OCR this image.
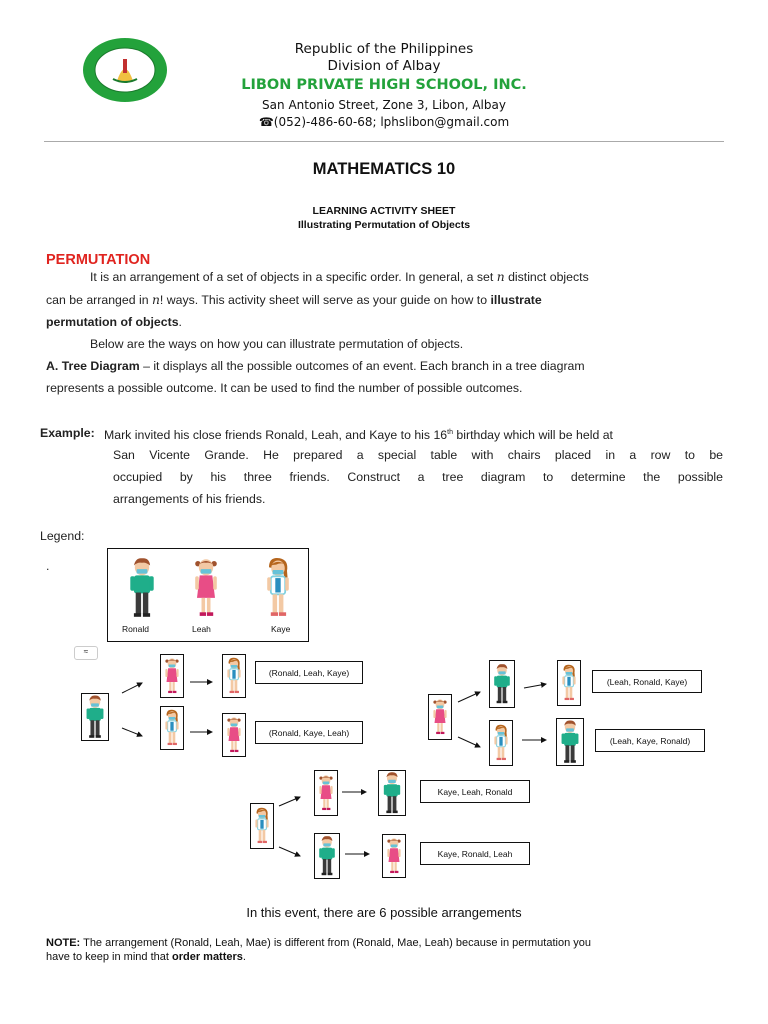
Republic of the Philippines
Division of Albay
LIBON PRIVATE HIGH SCHOOL, INC.
San Antonio Street, Zone 3, Libon, Albay
☎(052)-486-60-68; lphslibon@gmail.com
MATHEMATICS 10
LEARNING ACTIVITY SHEET
Illustrating Permutation of Objects
PERMUTATION
It is an arrangement of a set of objects in a specific order. In general, a set n distinct objects
can be arranged in n! ways. This activity sheet will serve as your guide on how to illustrate
permutation of objects.
Below are the ways on how you can illustrate permutation of objects.
A. Tree Diagram – it displays all the possible outcomes of an event. Each branch in a tree diagram
represents a possible outcome. It can be used to find the number of possible outcomes.
Example: Mark invited his close friends Ronald, Leah, and Kaye to his 16th birthday which will be held at
San Vicente Grande. He prepared a special table with chairs placed in a row to be
occupied by his three friends. Construct a tree diagram to determine the possible
arrangements of his friends.
Legend:
.
Ronald	Leah	Kaye
≈
(Ronald, Leah, Kaye)
(Ronald, Kaye, Leah)
(Leah, Ronald, Kaye)
(Leah, Kaye, Ronald)
Kaye, Leah, Ronald
Kaye, Ronald, Leah
In this event, there are 6 possible arrangements
NOTE: The arrangement (Ronald, Leah, Mae) is different from (Ronald, Mae, Leah) because in permutation you
have to keep in mind that order matters.
